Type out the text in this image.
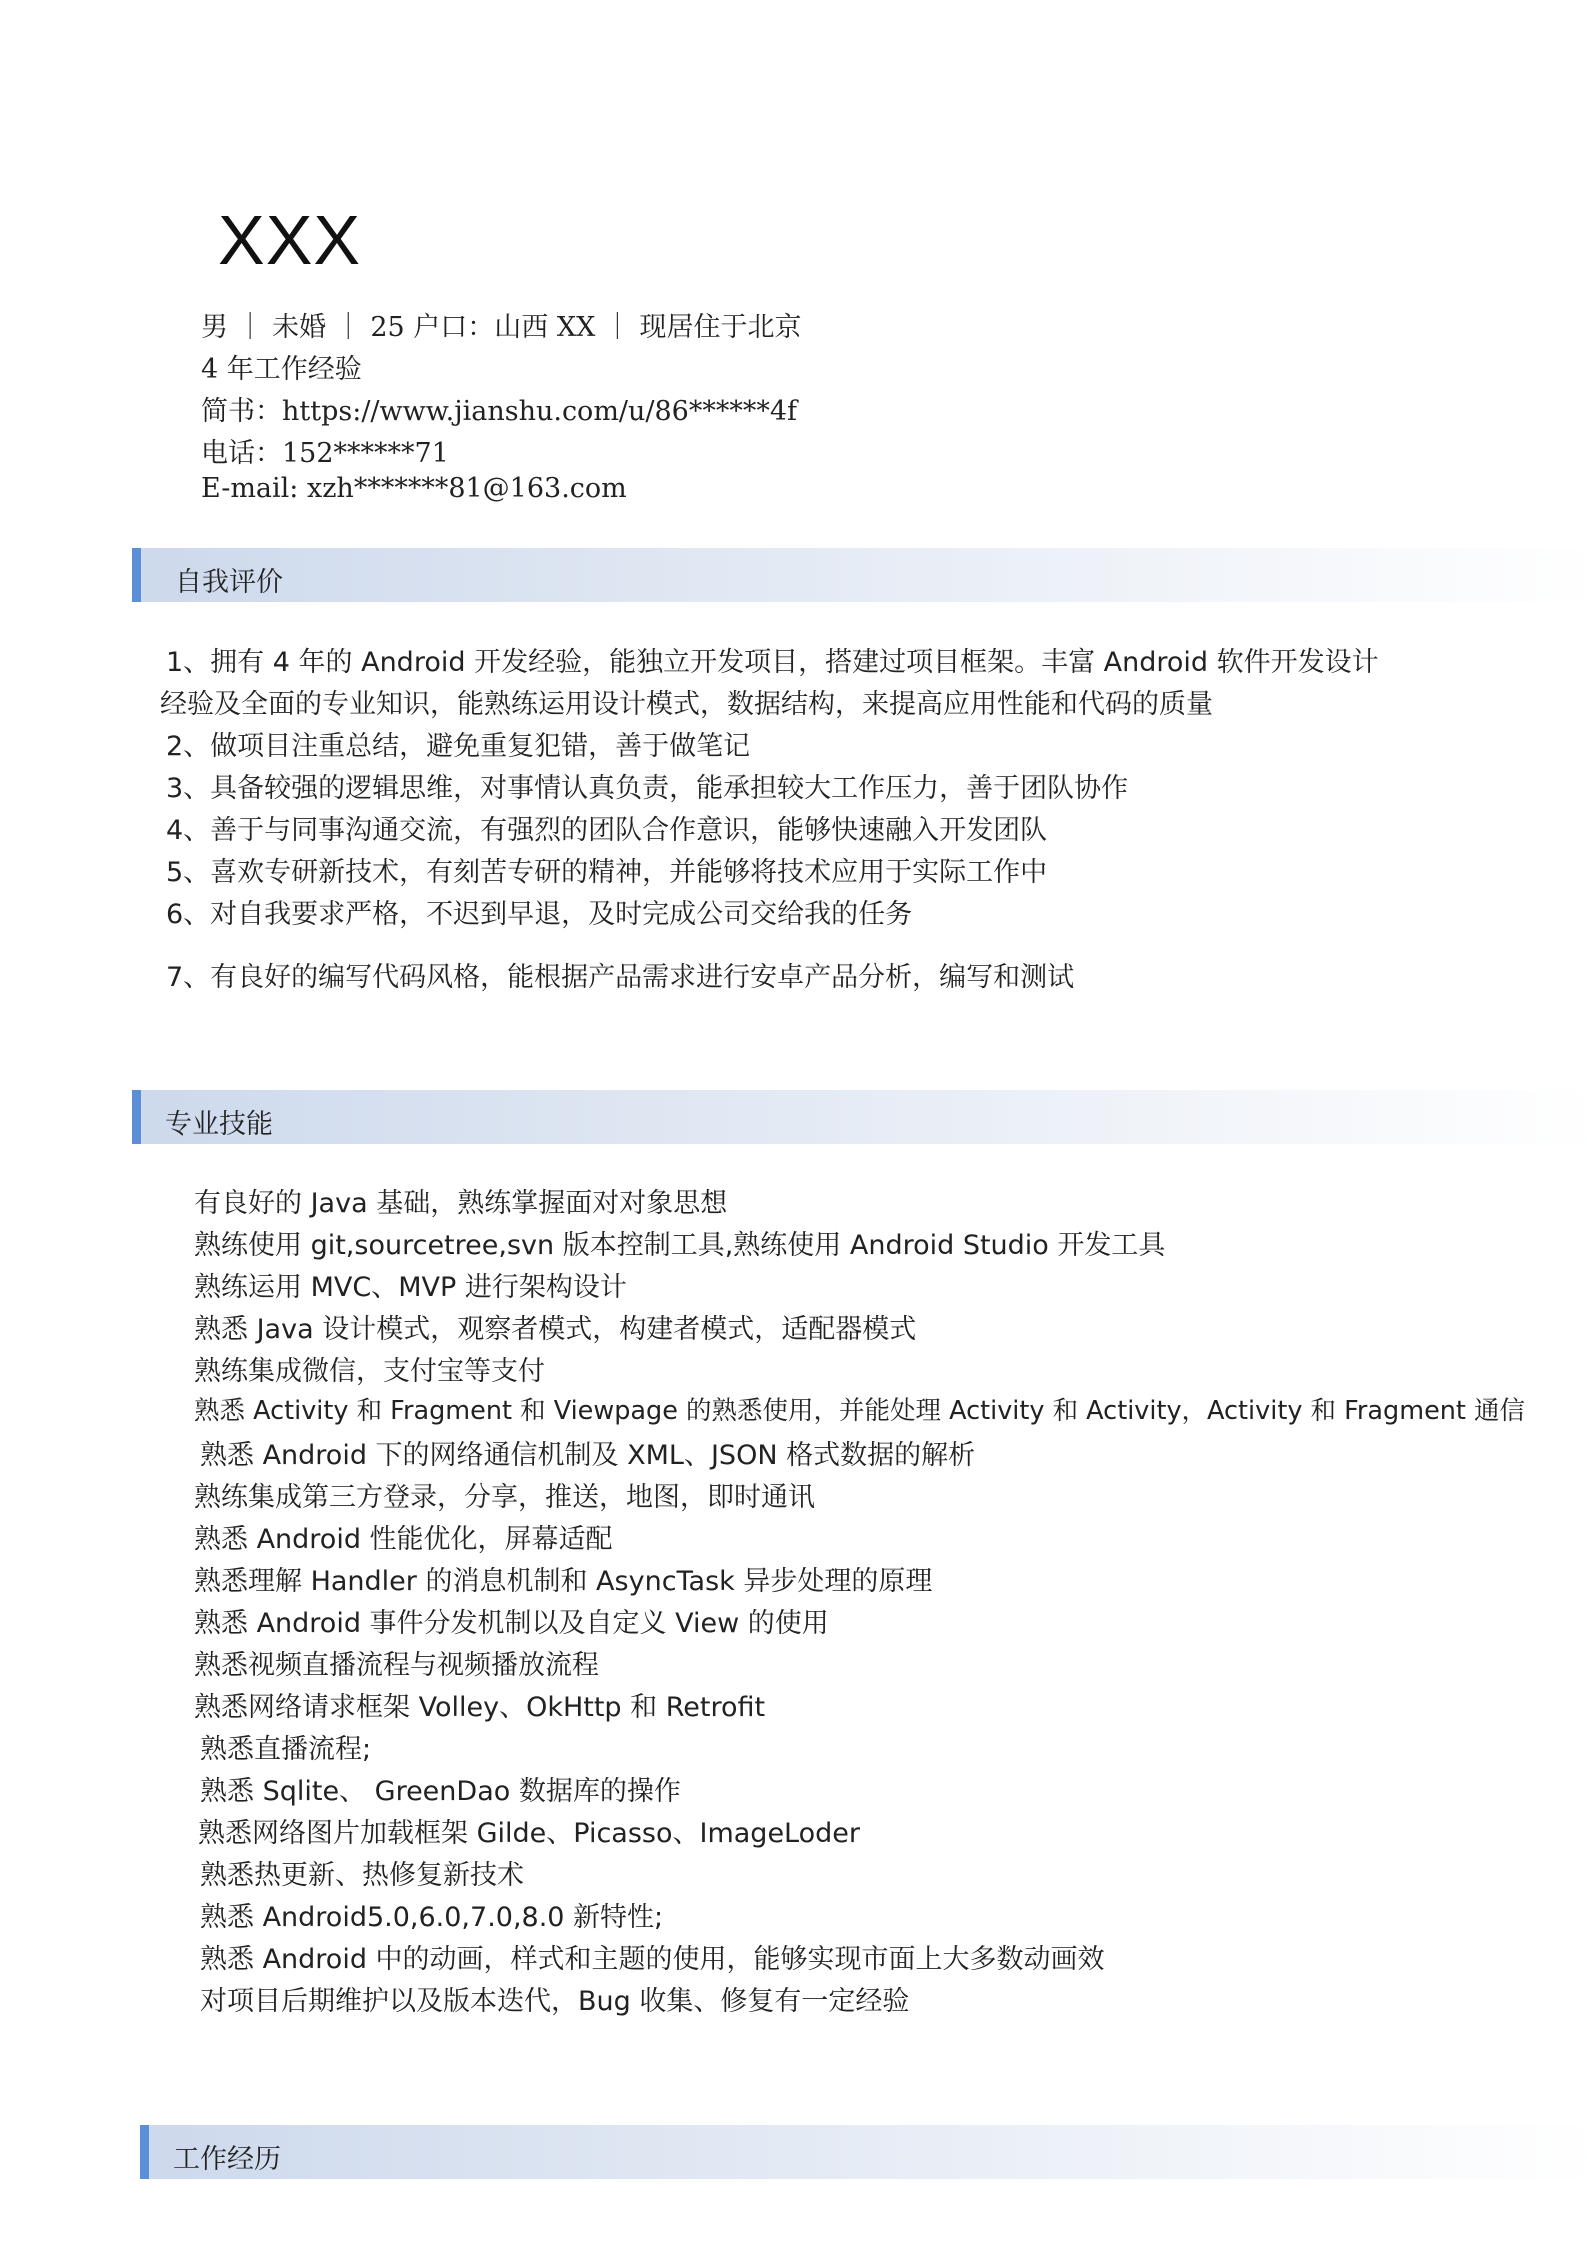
XXX
男 ｜ 未婚 ｜ 25 户口：山西 XX ｜ 现居住于北京
4 年工作经验
简书：https://www.jianshu.com/u/86******4f
电话：152******71
E-mail: xzh*******81@163.com
自我评价
1、拥有 4 年的 Android 开发经验，能独立开发项目，搭建过项目框架。丰富 Android 软件开发设计
经验及全面的专业知识，能熟练运用设计模式，数据结构，来提高应用性能和代码的质量
2、做项目注重总结，避免重复犯错，善于做笔记
3、具备较强的逻辑思维，对事情认真负责，能承担较大工作压力，善于团队协作
4、善于与同事沟通交流，有强烈的团队合作意识，能够快速融入开发团队
5、喜欢专研新技术，有刻苦专研的精神，并能够将技术应用于实际工作中
6、对自我要求严格，不迟到早退，及时完成公司交给我的任务
7、有良好的编写代码风格，能根据产品需求进行安卓产品分析，编写和测试
专业技能
有良好的 Java 基础，熟练掌握面对对象思想
熟练使用 git,sourcetree,svn 版本控制工具,熟练使用 Android Studio 开发工具
熟练运用 MVC、MVP 进行架构设计
熟悉 Java 设计模式，观察者模式，构建者模式，适配器模式
熟练集成微信，支付宝等支付
熟悉 Activity 和 Fragment 和 Viewpage 的熟悉使用，并能处理 Activity 和 Activity，Activity 和 Fragment 通信
熟悉 Android 下的网络通信机制及 XML、JSON 格式数据的解析
熟练集成第三方登录，分享，推送，地图，即时通讯
熟悉 Android 性能优化，屏幕适配
熟悉理解 Handler 的消息机制和 AsyncTask 异步处理的原理
熟悉 Android 事件分发机制以及自定义 View 的使用
熟悉视频直播流程与视频播放流程
熟悉网络请求框架 Volley、OkHttp 和 Retrofit
熟悉直播流程;
熟悉 Sqlite、 GreenDao 数据库的操作
熟悉网络图片加载框架 Gilde、Picasso、ImageLoder
熟悉热更新、热修复新技术
熟悉 Android5.0,6.0,7.0,8.0 新特性;
熟悉 Android 中的动画，样式和主题的使用，能够实现市面上大多数动画效
对项目后期维护以及版本迭代，Bug 收集、修复有一定经验
工作经历
